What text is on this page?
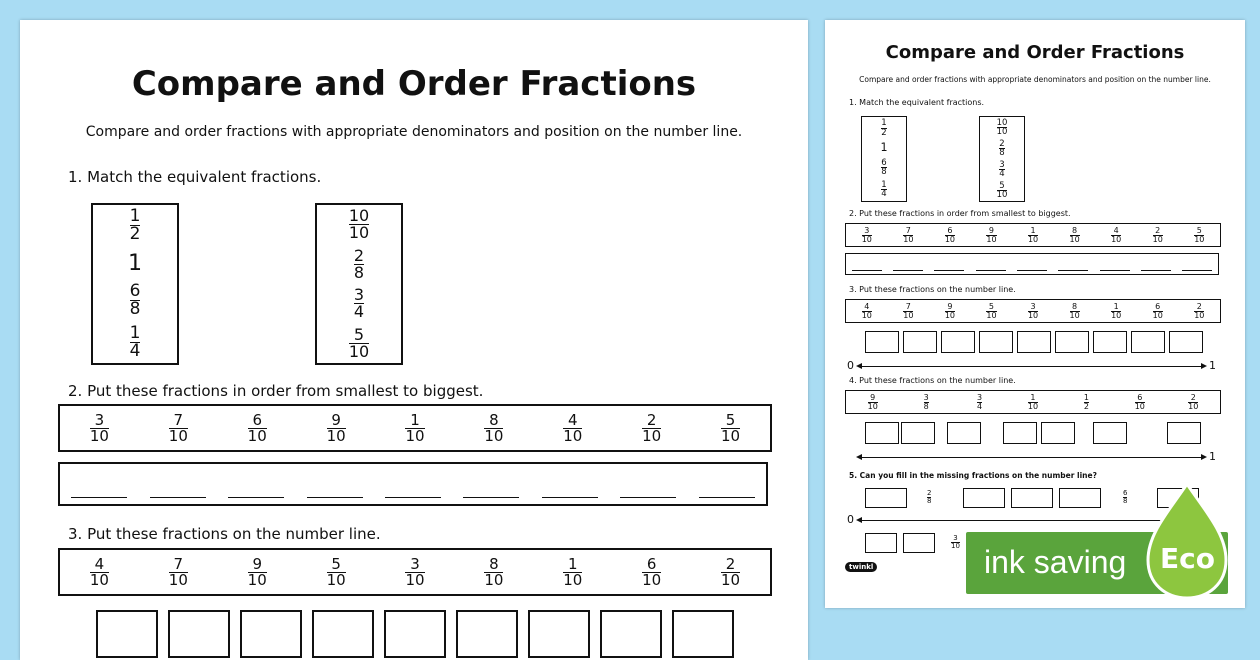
Compare and Order Fractions
Compare and order fractions with appropriate denominators and position on the number line.
1. Match the equivalent fractions.
$\frac{1}{2}$
1
$\frac{6}{8}$
$\frac{1}{4}$
$\frac{10}{10}$
$\frac{2}{8}$
$\frac{3}{4}$
$\frac{5}{10}$
2. Put these fractions in order from smallest to biggest.
$\frac{3}{10}$	$\frac{7}{10}$	$\frac{6}{10}$	$\frac{9}{10}$	$\frac{1}{10}$	$\frac{8}{10}$	$\frac{4}{10}$	$\frac{2}{10}$	$\frac{5}{10}$
3. Put these fractions on the number line.
$\frac{4}{10}$	$\frac{7}{10}$	$\frac{9}{10}$	$\frac{5}{10}$	$\frac{3}{10}$	$\frac{8}{10}$	$\frac{1}{10}$	$\frac{6}{10}$	$\frac{2}{10}$
Compare and Order Fractions
Compare and order fractions with appropriate denominators and position on the number line.
1. Match the equivalent fractions.
$\frac{1}{2}$
1
$\frac{6}{8}$
$\frac{1}{4}$
$\frac{10}{10}$
$\frac{2}{8}$
$\frac{3}{4}$
$\frac{5}{10}$
2. Put these fractions in order from smallest to biggest.
$\frac{3}{10}$	$\frac{7}{10}$	$\frac{6}{10}$	$\frac{9}{10}$	$\frac{1}{10}$	$\frac{8}{10}$	$\frac{4}{10}$	$\frac{2}{10}$	$\frac{5}{10}$
3. Put these fractions on the number line.
$\frac{4}{10}$	$\frac{7}{10}$	$\frac{9}{10}$	$\frac{5}{10}$	$\frac{3}{10}$	$\frac{8}{10}$	$\frac{1}{10}$	$\frac{6}{10}$	$\frac{2}{10}$
0	1
4. Put these fractions on the number line.
$\frac{9}{10}$	$\frac{3}{8}$	$\frac{3}{4}$	$\frac{1}{10}$	$\frac{1}{2}$	$\frac{6}{10}$	$\frac{2}{10}$
1
5. Can you fill in the missing fractions on the number line?
$\frac{2}{8}$	$\frac{6}{8}$
0
$\frac{3}{10}$
twinkl	ink saving Eco
